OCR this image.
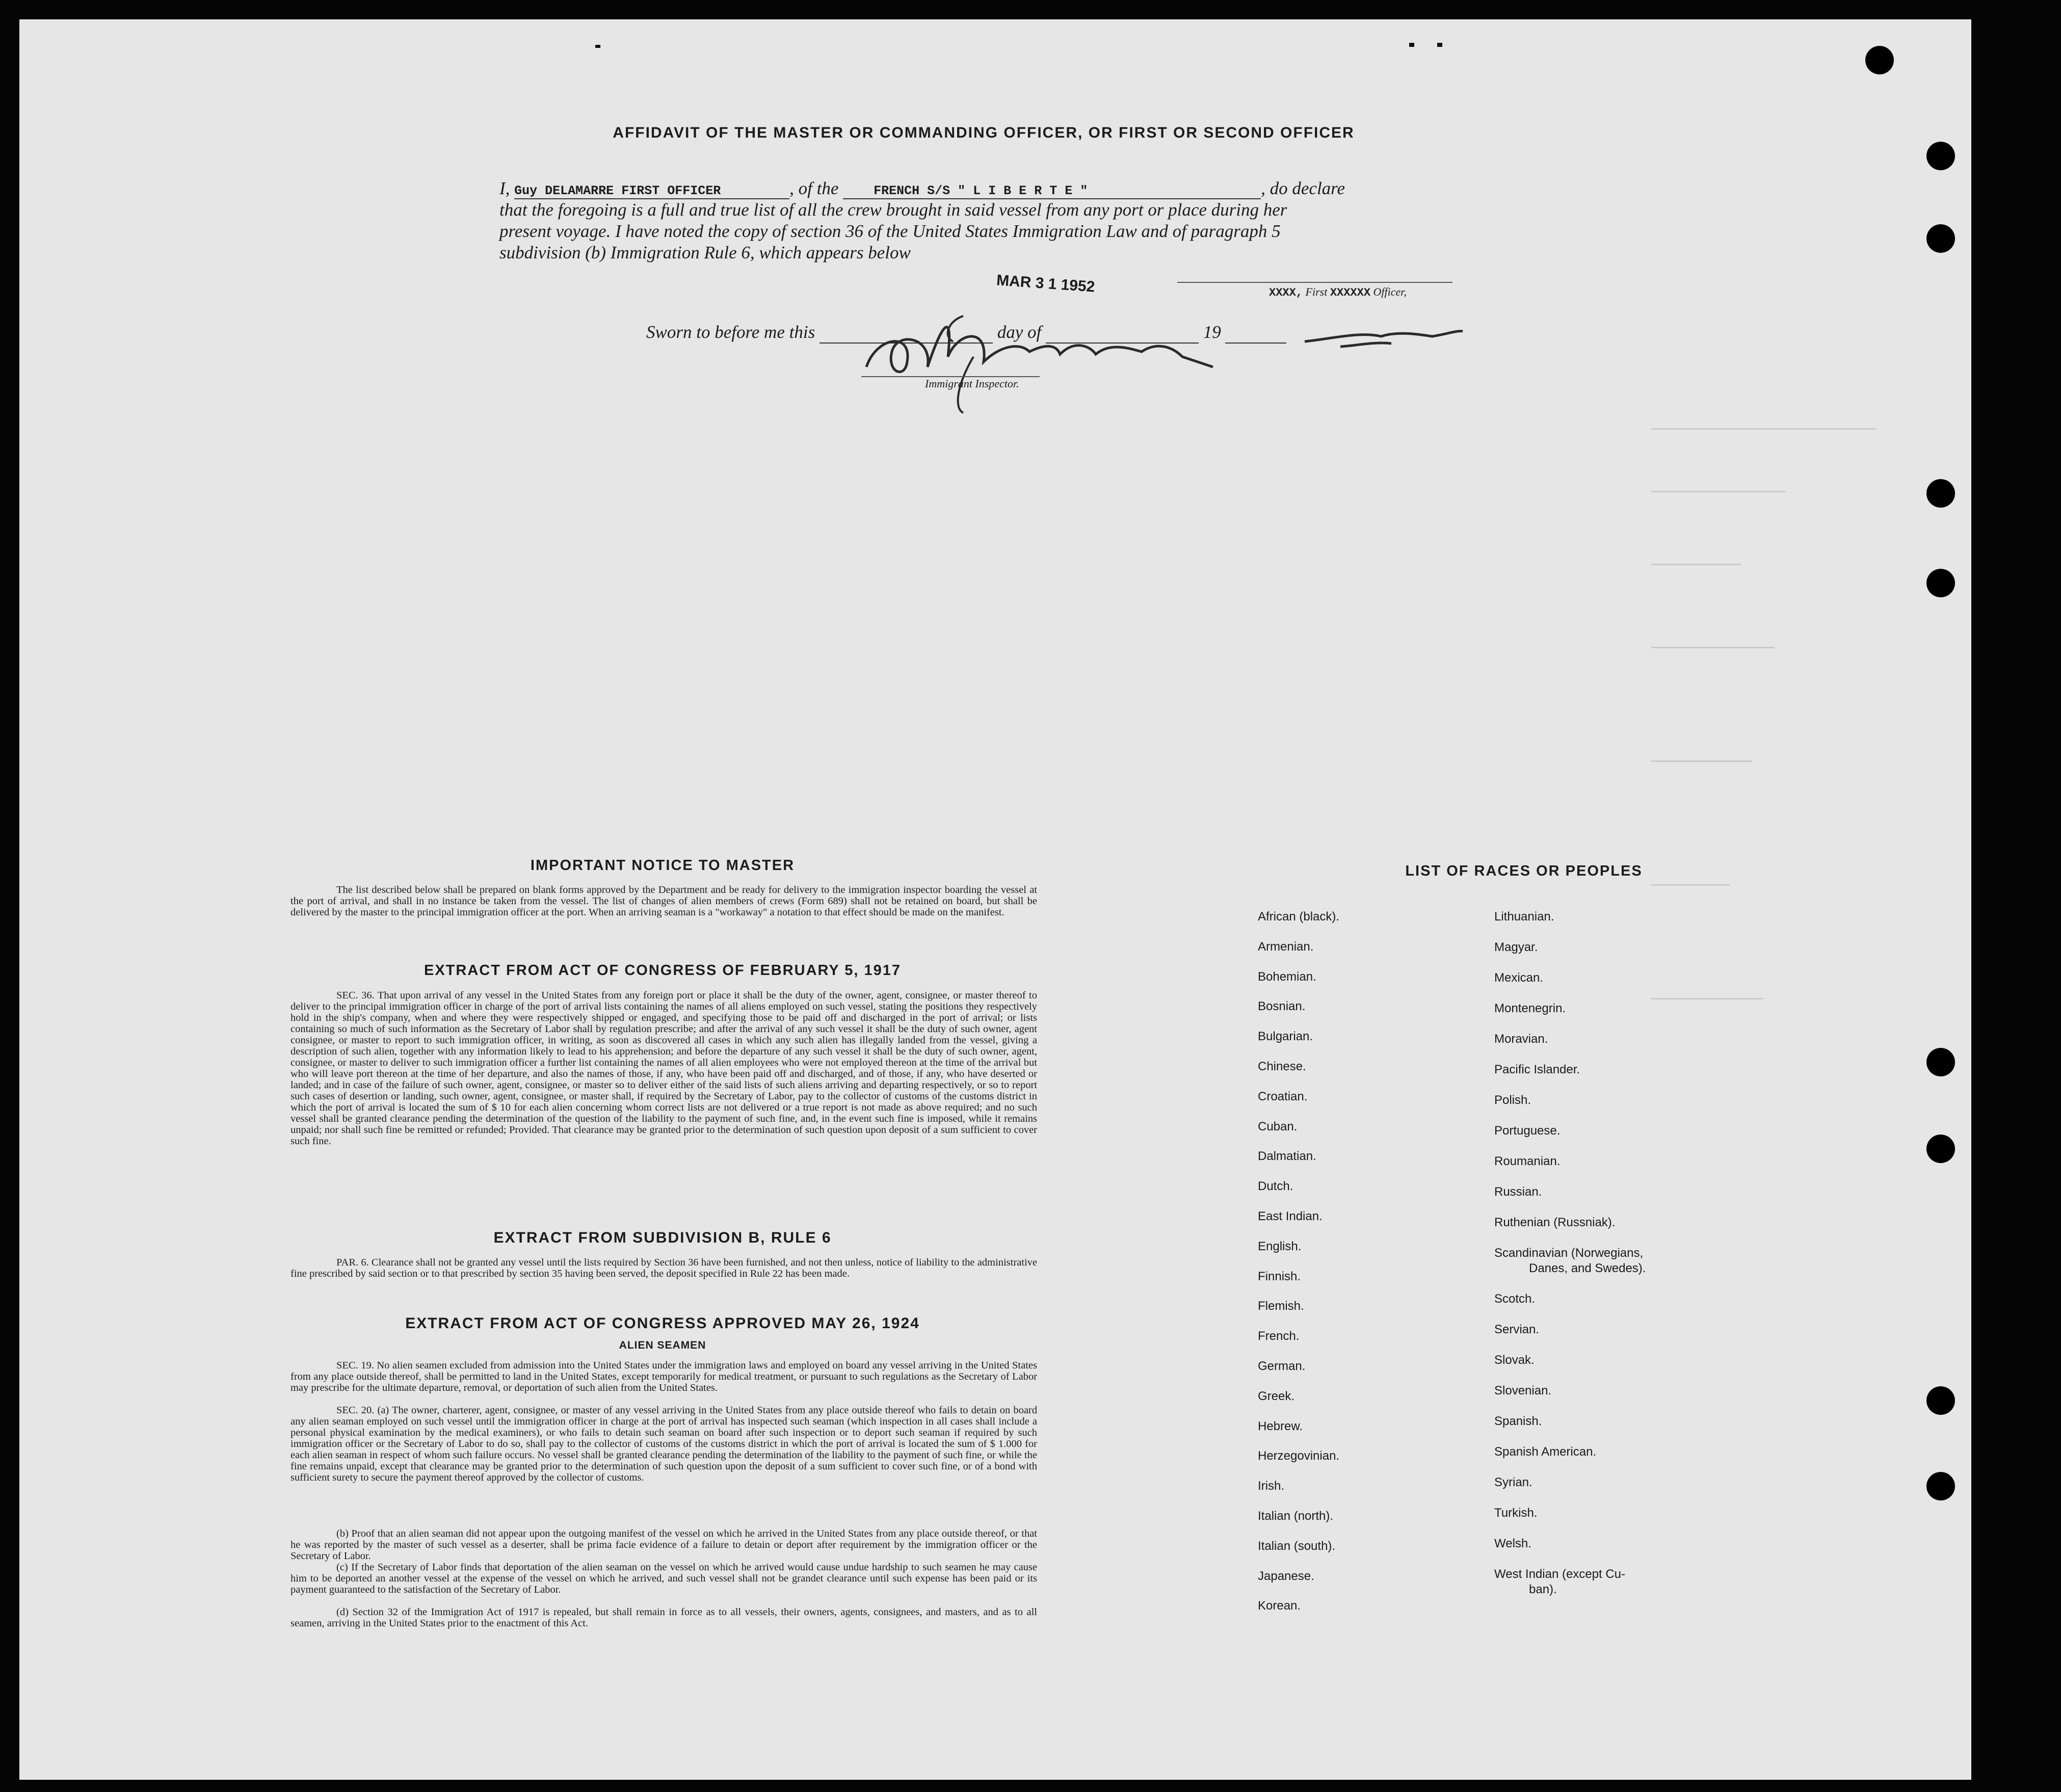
AFFIDAVIT OF THE MASTER OR COMMANDING OFFICER, OR FIRST OR SECOND OFFICER
I, Guy DELAMARRE FIRST OFFICER	, of the	FRENCH S/S " L I B E R T E "	, do declare
that the foregoing is a full and true list of all the crew brought in said vessel from any port or place during her
present voyage. I have noted the copy of section 36 of the United States Immigration Law and of paragraph 5
subdivision (b) Immigration Rule 6, which appears below
MAR 3 1 1952	XXXX, First XXXXXX Officer,
Sworn to before me this	day of	19
Immigrant Inspector.
IMPORTANT NOTICE TO MASTER
The list described below shall be prepared on blank forms approved by the Department and be ready for delivery to the immigration inspector boarding the vessel at the port of arrival, and shall in no instance be taken from the vessel. The list of changes of alien members of crews (Form 689) shall not be retained on board, but shall be delivered by the master to the principal immigration officer at the port. When an arriving seaman is a "workaway" a notation to that effect should be made on the manifest.
EXTRACT FROM ACT OF CONGRESS OF FEBRUARY 5, 1917
SEC. 36. That upon arrival of any vessel in the United States from any foreign port or place it shall be the duty of the owner, agent, consignee, or master thereof to deliver to the principal immigration officer in charge of the port of arrival lists containing the names of all aliens employed on such vessel, stating the positions they respectively hold in the ship's company, when and where they were respectively shipped or engaged, and specifying those to be paid off and discharged in the port of arrival; or lists containing so much of such information as the Secretary of Labor shall by regulation prescribe; and after the arrival of any such vessel it shall be the duty of such owner, agent consignee, or master to report to such immigration officer, in writing, as soon as discovered all cases in which any such alien has illegally landed from the vessel, giving a description of such alien, together with any information likely to lead to his apprehension; and before the departure of any such vessel it shall be the duty of such owner, agent, consignee, or master to deliver to such immigration officer a further list containing the names of all alien employees who were not employed thereon at the time of the arrival but who will leave port thereon at the time of her departure, and also the names of those, if any, who have been paid off and discharged, and of those, if any, who have deserted or landed; and in case of the failure of such owner, agent, consignee, or master so to deliver either of the said lists of such aliens arriving and departing respectively, or so to report such cases of desertion or landing, such owner, agent, consignee, or master shall, if required by the Secretary of Labor, pay to the collector of customs of the customs district in which the port of arrival is located the sum of $ 10 for each alien concerning whom correct lists are not delivered or a true report is not made as above required; and no such vessel shall be granted clearance pending the determination of the question of the liability to the payment of such fine, and, in the event such fine is imposed, while it remains unpaid; nor shall such fine be remitted or refunded; Provided. That clearance may be granted prior to the determination of such question upon deposit of a sum sufficient to cover such fine.
EXTRACT FROM SUBDIVISION B, RULE 6
PAR. 6. Clearance shall not be granted any vessel until the lists required by Section 36 have been furnished, and not then unless, notice of liability to the administrative fine prescribed by said section or to that prescribed by section 35 having been served, the deposit specified in Rule 22 has been made.
EXTRACT FROM ACT OF CONGRESS APPROVED MAY 26, 1924
ALIEN SEAMEN
SEC. 19. No alien seamen excluded from admission into the United States under the immigration laws and employed on board any vessel arriving in the United States from any place outside thereof, shall be permitted to land in the United States, except temporarily for medical treatment, or pursuant to such regulations as the Secretary of Labor may prescribe for the ultimate departure, removal, or deportation of such alien from the United States.
SEC. 20. (a) The owner, charterer, agent, consignee, or master of any vessel arriving in the United States from any place outside thereof who fails to detain on board any alien seaman employed on such vessel until the immigration officer in charge at the port of arrival has inspected such seaman (which inspection in all cases shall include a personal physical examination by the medical examiners), or who fails to detain such seaman on board after such inspection or to deport such seaman if required by such immigration officer or the Secretary of Labor to do so, shall pay to the collector of customs of the customs district in which the port of arrival is located the sum of $ 1.000 for each alien seaman in respect of whom such failure occurs. No vessel shall be granted clearance pending the determination of the liability to the payment of such fine, or while the fine remains unpaid, except that clearance may be granted prior to the determination of such question upon the deposit of a sum sufficient to cover such fine, or of a bond with sufficient surety to secure the payment thereof approved by the collector of customs.
(b) Proof that an alien seaman did not appear upon the outgoing manifest of the vessel on which he arrived in the United States from any place outside thereof, or that he was reported by the master of such vessel as a deserter, shall be prima facie evidence of a failure to detain or deport after requirement by the immigration officer or the Secretary of Labor.
(c) If the Secretary of Labor finds that deportation of the alien seaman on the vessel on which he arrived would cause undue hardship to such seamen he may cause him to be deported an another vessel at the expense of the vessel on which he arrived, and such vessel shall not be grandet clearance until such expense has been paid or its payment guaranteed to the satisfaction of the Secretary of Labor.
(d) Section 32 of the Immigration Act of 1917 is repealed, but shall remain in force as to all vessels, their owners, agents, consignees, and masters, and as to all seamen, arriving in the United States prior to the enactment of this Act.
LIST OF RACES OR PEOPLES
African (black).
Armenian.
Bohemian.
Bosnian.
Bulgarian.
Chinese.
Croatian.
Cuban.
Dalmatian.
Dutch.
East Indian.
English.
Finnish.
Flemish.
French.
German.
Greek.
Hebrew.
Herzegovinian.
Irish.
Italian (north).
Italian (south).
Japanese.
Korean.
Lithuanian.
Magyar.
Mexican.
Montenegrin.
Moravian.
Pacific Islander.
Polish.
Portuguese.
Roumanian.
Russian.
Ruthenian (Russniak).
Scandinavian (Norwegians,
Danes, and Swedes).
Scotch.
Servian.
Slovak.
Slovenian.
Spanish.
Spanish American.
Syrian.
Turkish.
Welsh.
West Indian (except Cu-
ban).
